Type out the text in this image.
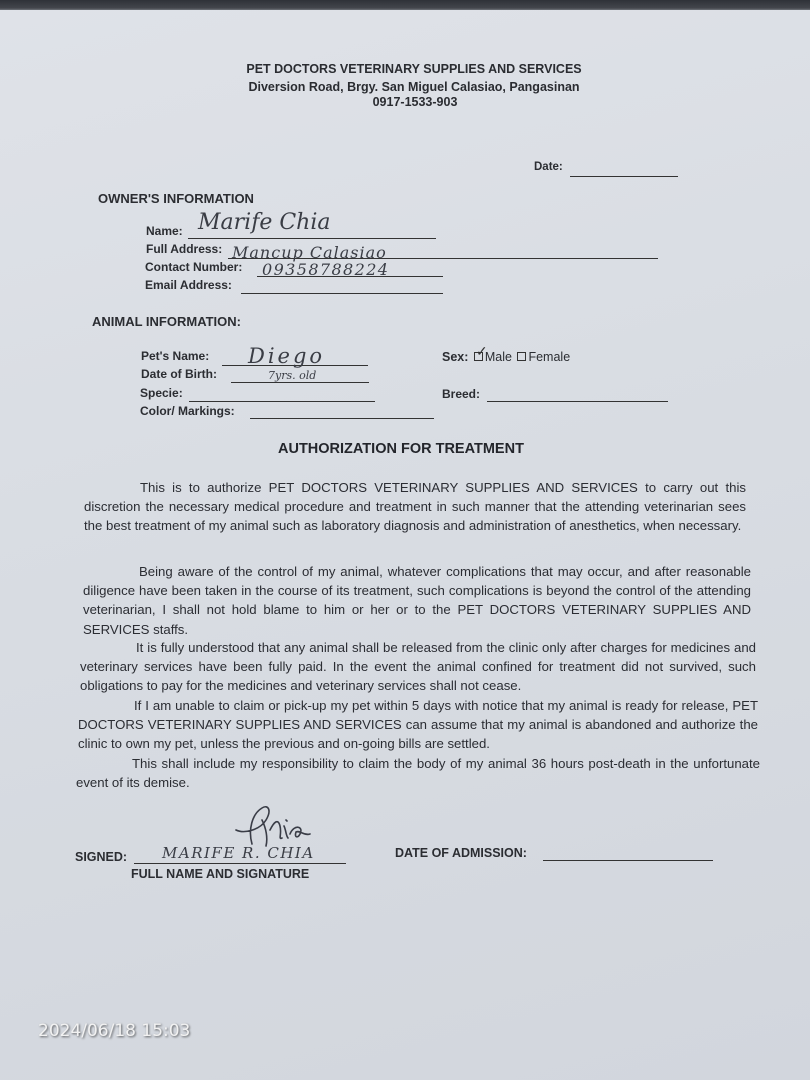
PET DOCTORS VETERINARY SUPPLIES AND SERVICES
Diversion Road, Brgy. San Miguel Calasiao, Pangasinan
0917-1533-903
Date:
OWNER'S INFORMATION
Name: Marife Chia
Full Address: Mancup Calasiao
Contact Number: 09358788224
Email Address:
ANIMAL INFORMATION:
Pet's Name: Diego
Date of Birth:	7yrs. old
Specie:
Color/ Markings:
Sex: ✓ Male Female
Breed:
AUTHORIZATION FOR TREATMENT
This is to authorize PET DOCTORS VETERINARY SUPPLIES AND SERVICES to carry out this discretion the necessary medical procedure and treatment in such manner that the attending veterinarian sees the best treatment of my animal such as laboratory diagnosis and administration of anesthetics, when necessary.
Being aware of the control of my animal, whatever complications that may occur, and after reasonable diligence have been taken in the course of its treatment, such complications is beyond the control of the attending veterinarian, I shall not hold blame to him or her or to the PET DOCTORS VETERINARY SUPPLIES AND SERVICES staffs.
It is fully understood that any animal shall be released from the clinic only after charges for medicines and veterinary services have been fully paid. In the event the animal confined for treatment did not survived, such obligations to pay for the medicines and veterinary services shall not cease.
If I am unable to claim or pick-up my pet within 5 days with notice that my animal is ready for release, PET DOCTORS VETERINARY SUPPLIES AND SERVICES can assume that my animal is abandoned and authorize the clinic to own my pet, unless the previous and on-going bills are settled.
This shall include my responsibility to claim the body of my animal 36 hours post-death in the unfortunate event of its demise.
SIGNED: MARIFE R. CHIA
FULL NAME AND SIGNATURE
DATE OF ADMISSION:
2024/06/18 15:03
